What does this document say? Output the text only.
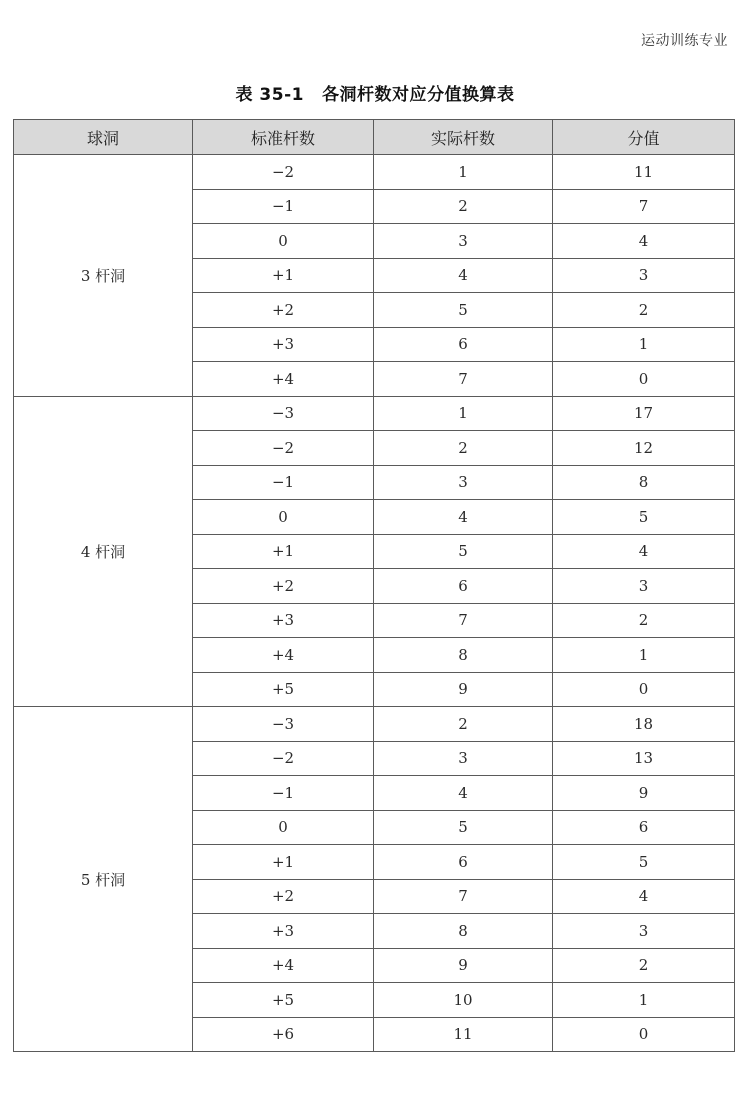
运动训练专业
表 35-1 各洞杆数对应分值换算表
球洞	标准杆数	实际杆数	分值
3 杆洞	−2	1	11
	−1	2	7
	0	3	4
	+1	4	3
	+2	5	2
	+3	6	1
	+4	7	0
4 杆洞	−3	1	17
	−2	2	12
	−1	3	8
	0	4	5
	+1	5	4
	+2	6	3
	+3	7	2
	+4	8	1
	+5	9	0
5 杆洞	−3	2	18
	−2	3	13
	−1	4	9
	0	5	6
	+1	6	5
	+2	7	4
	+3	8	3
	+4	9	2
	+5	10	1
	+6	11	0
